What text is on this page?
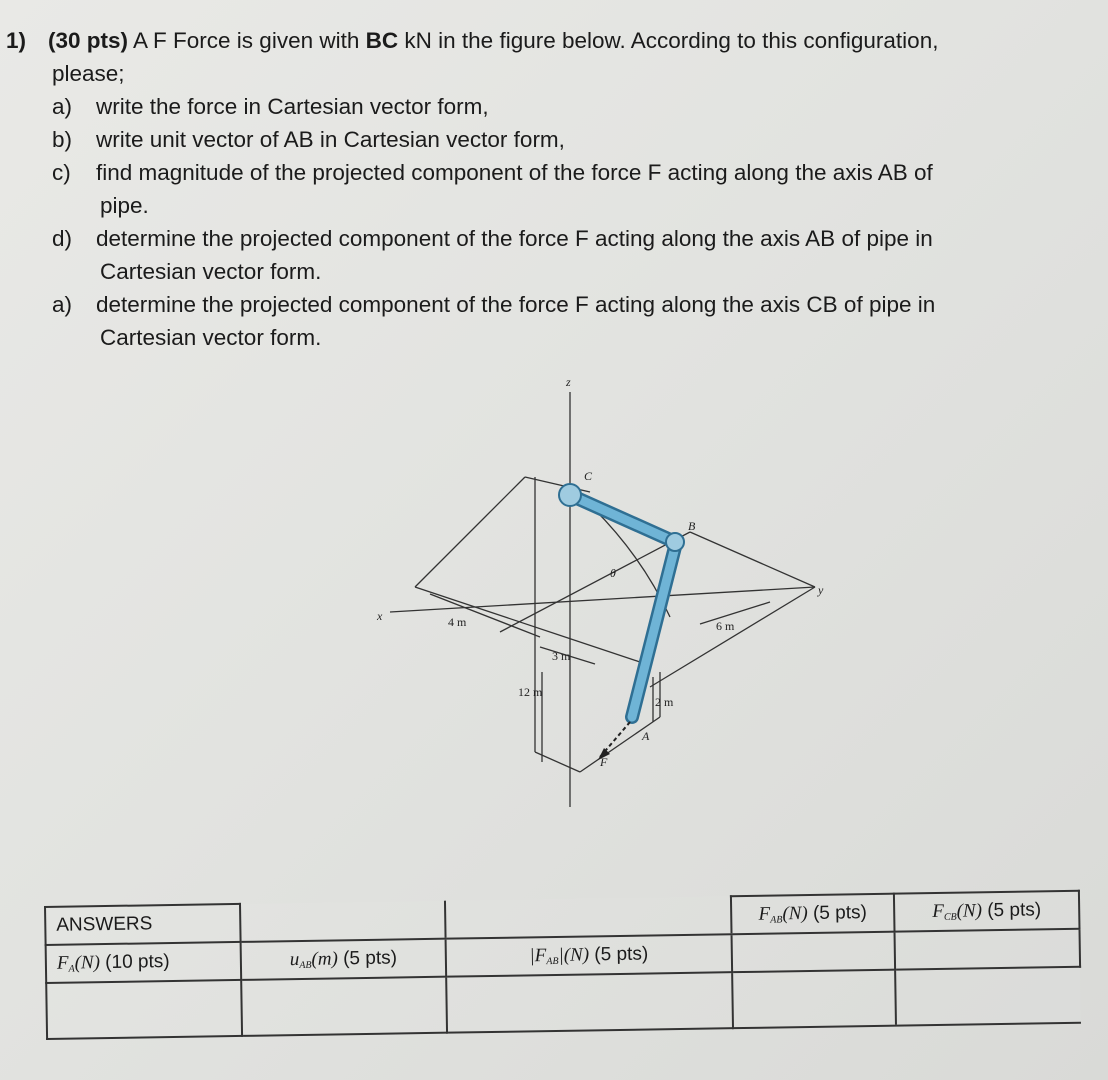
1) (30 pts) A F Force is given with BC kN in the figure below. According to this configuration,
please;
a)	write the force in Cartesian vector form,
b)	write unit vector of AB in Cartesian vector form,
c)	find magnitude of the projected component of the force F acting along the axis AB of
pipe.
d)	determine the projected component of the force F acting along the axis AB of pipe in
Cartesian vector form.
a)	determine the projected component of the force F acting along the axis CB of pipe in
Cartesian vector form.
z
x
y
C
B
A
F
θ
4 m
3 m
12 m
2 m
6 m
ANSWERS			$F_{AB}(N)$ (5 pts)	$F_{CB}(N)$ (5 pts)
$F_A(N)$ (10 pts)	$u_{AB}(m)$ (5 pts)	$|F_{AB}|(N)$ (5 pts)		
